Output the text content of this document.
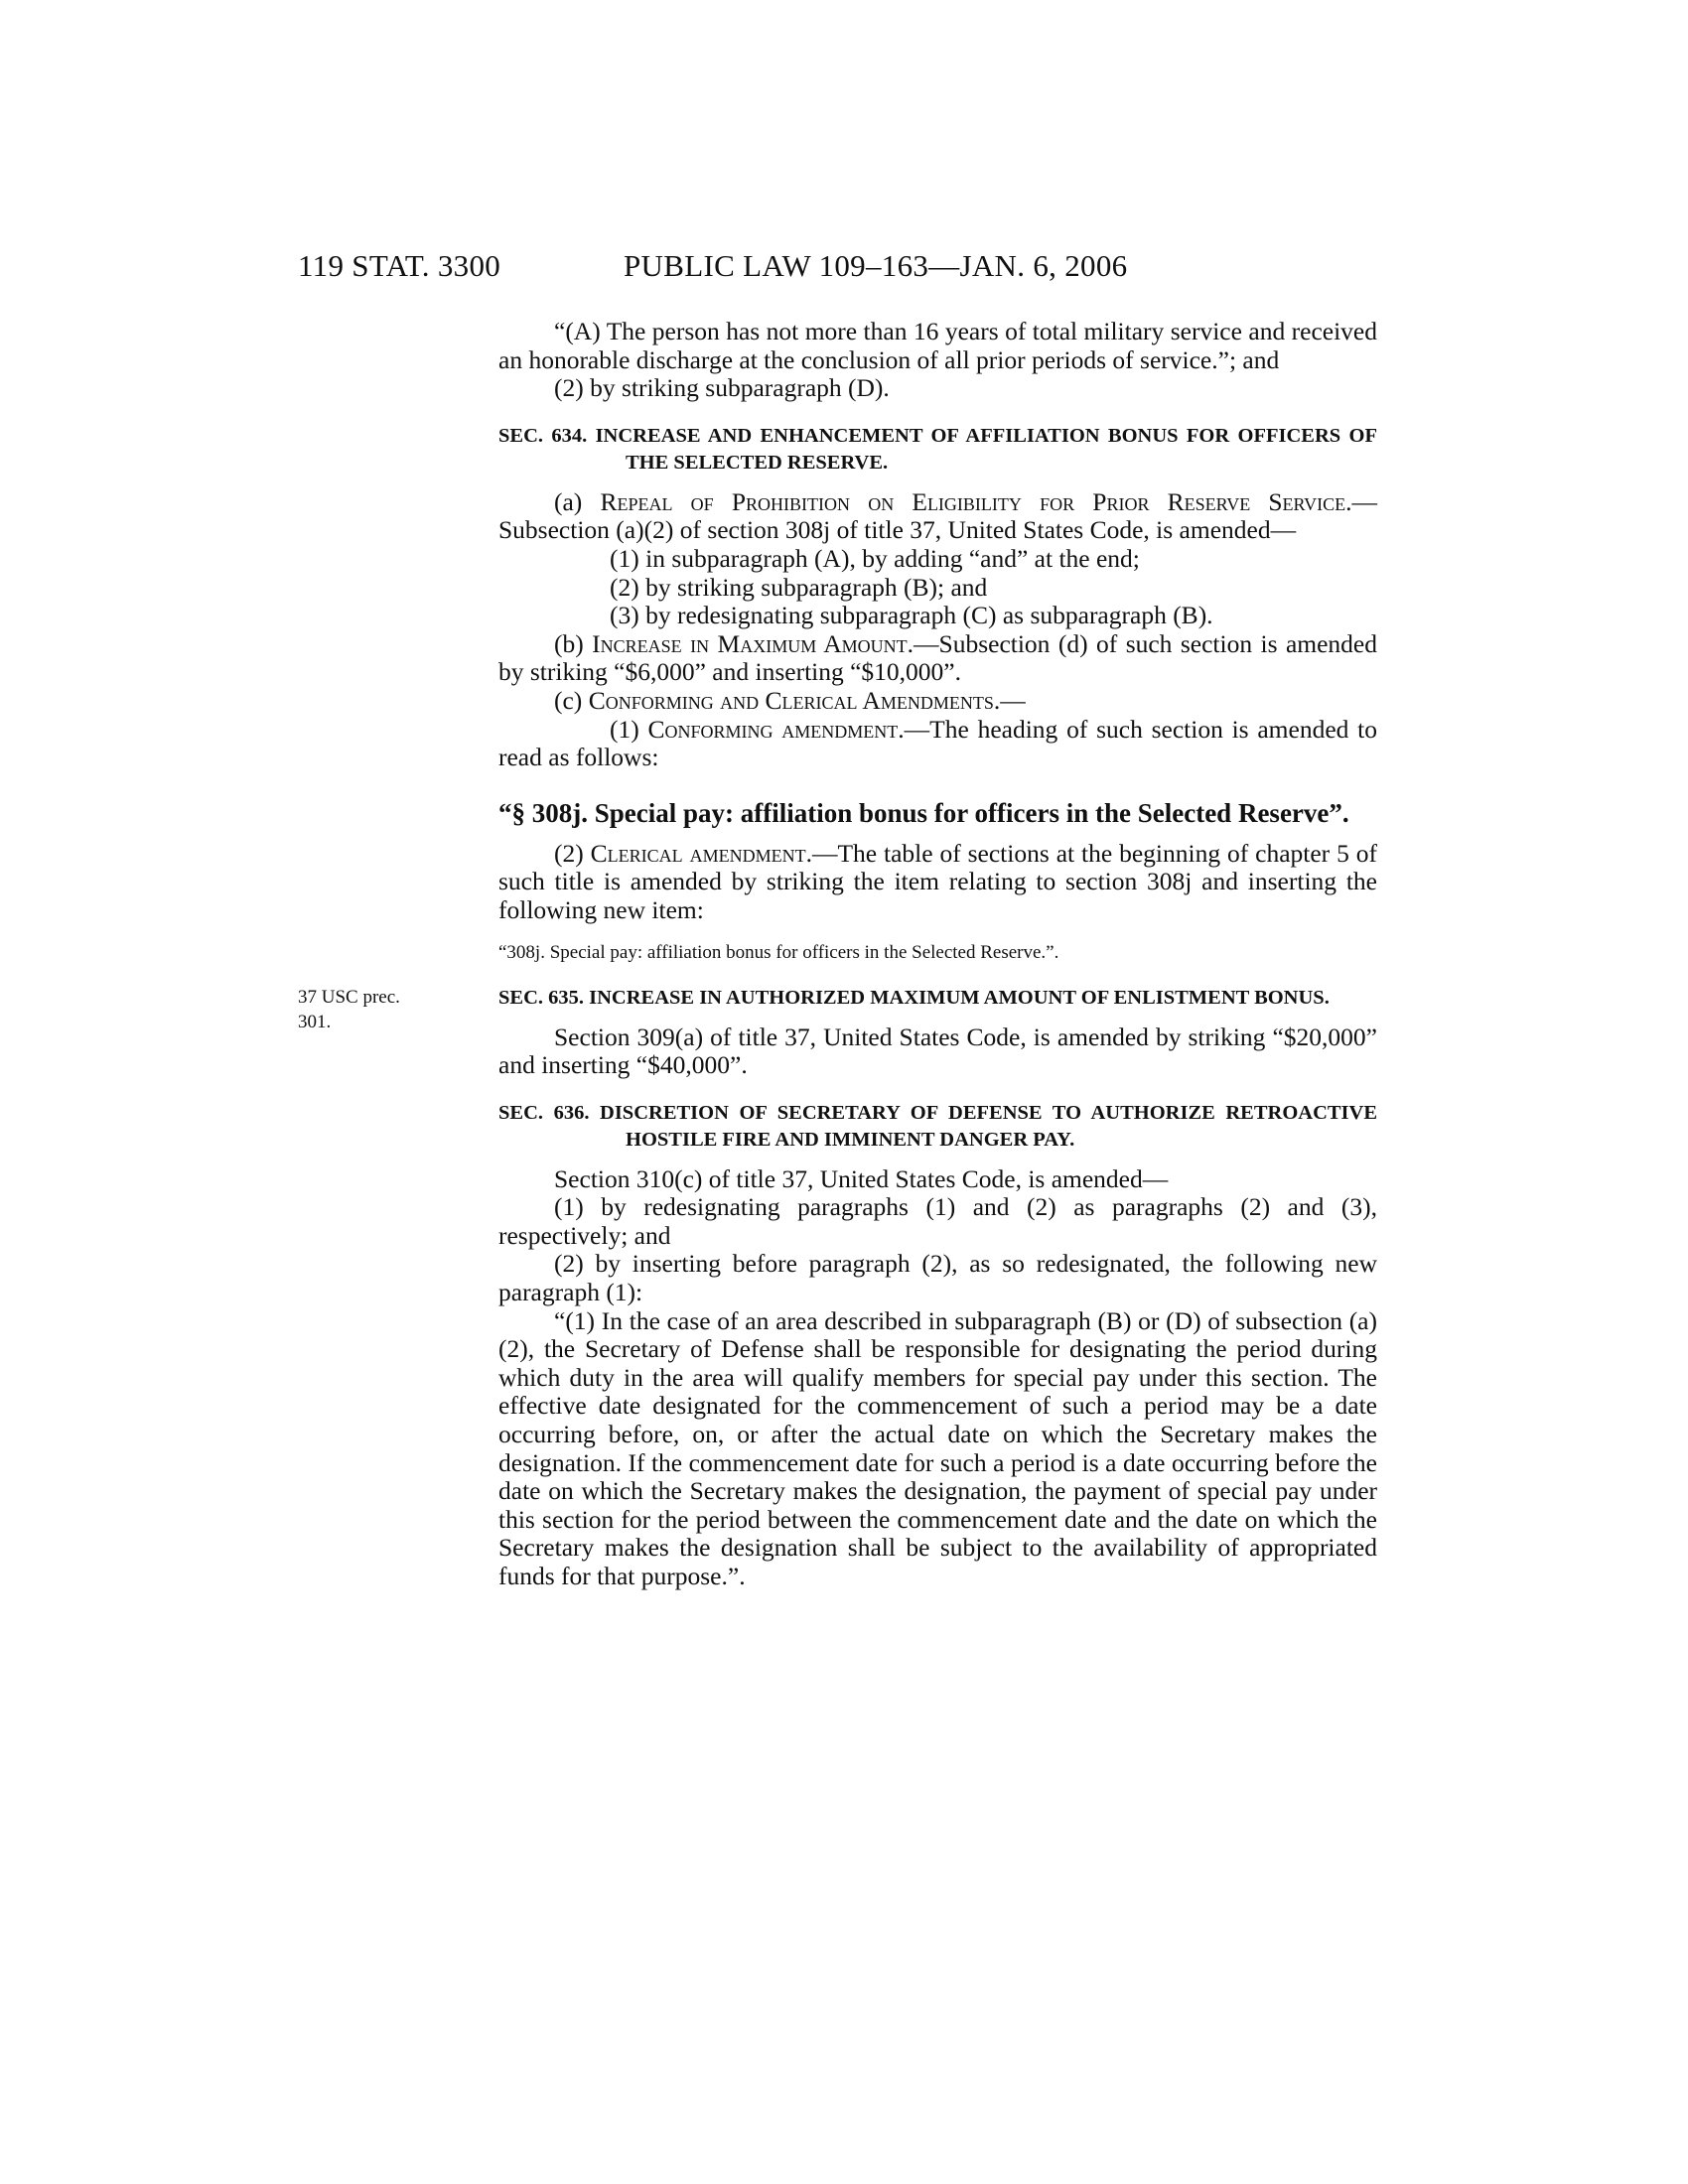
119 STAT. 3300	PUBLIC LAW 109–163—JAN. 6, 2006
37 USC prec.
301.

“(A) The person has not more than 16 years of total military service and received an honorable discharge at the conclusion of all prior periods of service.”; and

(2) by striking subparagraph (D).

SEC. 634. INCREASE AND ENHANCEMENT OF AFFILIATION BONUS FOR OFFICERS OF THE SELECTED RESERVE.

(a) Repeal of Prohibition on Eligibility for Prior Reserve Service.—Subsection (a)(2) of section 308j of title 37, United States Code, is amended—

(1) in subparagraph (A), by adding “and” at the end;

(2) by striking subparagraph (B); and

(3) by redesignating subparagraph (C) as subparagraph (B).

(b) Increase in Maximum Amount.—Subsection (d) of such section is amended by striking “$6,000” and inserting “$10,000”.

(c) Conforming and Clerical Amendments.—

(1) Conforming amendment.—The heading of such section is amended to read as follows:

“§ 308j. Special pay: affiliation bonus for officers in the Selected Reserve”.

(2) Clerical amendment.—The table of sections at the beginning of chapter 5 of such title is amended by striking the item relating to section 308j and inserting the following new item:

“308j. Special pay: affiliation bonus for officers in the Selected Reserve.”.
SEC. 635. INCREASE IN AUTHORIZED MAXIMUM AMOUNT OF ENLISTMENT BONUS.

Section 309(a) of title 37, United States Code, is amended by striking “$20,000” and inserting “$40,000”.

SEC. 636. DISCRETION OF SECRETARY OF DEFENSE TO AUTHORIZE RETROACTIVE HOSTILE FIRE AND IMMINENT DANGER PAY.

Section 310(c) of title 37, United States Code, is amended—

(1) by redesignating paragraphs (1) and (2) as paragraphs (2) and (3), respectively; and

(2) by inserting before paragraph (2), as so redesignated, the following new paragraph (1):

“(1) In the case of an area described in subparagraph (B) or (D) of subsection (a)(2), the Secretary of Defense shall be responsible for designating the period during which duty in the area will qualify members for special pay under this section. The effective date designated for the commencement of such a period may be a date occurring before, on, or after the actual date on which the Secretary makes the designation. If the commencement date for such a period is a date occurring before the date on which the Secretary makes the designation, the payment of special pay under this section for the period between the commencement date and the date on which the Secretary makes the designation shall be subject to the availability of appropriated funds for that purpose.”.
